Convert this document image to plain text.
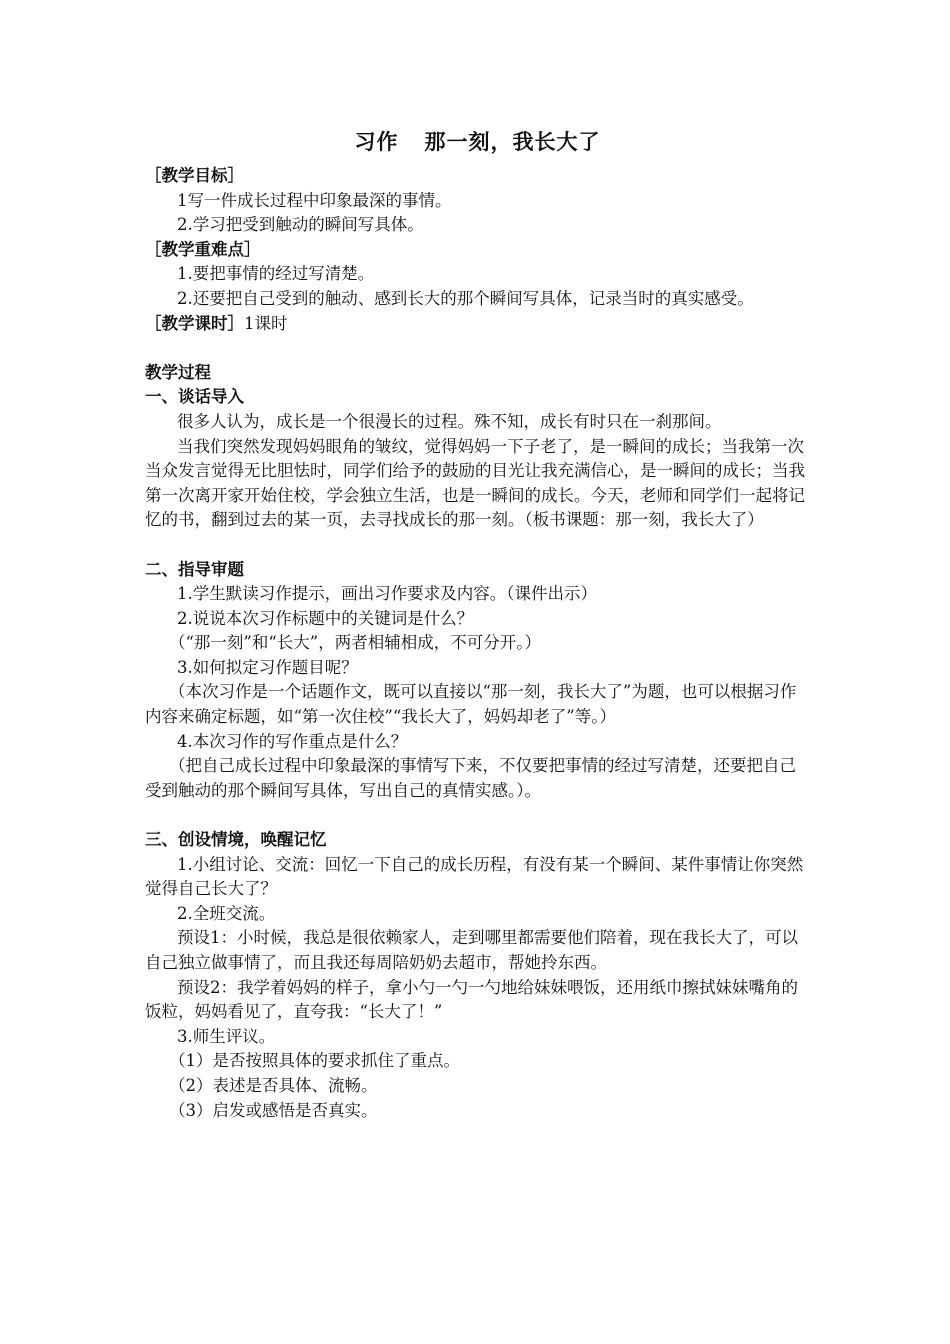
习作 那一刻，我长大了

［教学目标］

1写一件成长过程中印象最深的事情。

2.学习把受到触动的瞬间写具体。

［教学重难点］

1.要把事情的经过写清楚。

2.还要把自己受到的触动、感到长大的那个瞬间写具体，记录当时的真实感受。

［教学课时］1课时

教学过程

一、谈话导入

很多人认为，成长是一个很漫长的过程。殊不知，成长有时只在一刹那间。

当我们突然发现妈妈眼角的皱纹，觉得妈妈一下子老了，是一瞬间的成长；当我第一次当众发言觉得无比胆怯时，同学们给予的鼓励的目光让我充满信心，是一瞬间的成长；当我第一次离开家开始住校，学会独立生活，也是一瞬间的成长。今天，老师和同学们一起将记忆的书，翻到过去的某一页，去寻找成长的那一刻。（板书课题：那一刻，我长大了）

二、指导审题

1.学生默读习作提示，画出习作要求及内容。（课件出示）

2.说说本次习作标题中的关键词是什么？

（“那一刻”和“长大”，两者相辅相成，不可分开。）

3.如何拟定习作题目呢？

（本次习作是一个话题作文，既可以直接以“那一刻，我长大了”为题，也可以根据习作内容来确定标题，如“第一次住校”“我长大了，妈妈却老了”等。）

4.本次习作的写作重点是什么？

（把自己成长过程中印象最深的事情写下来，不仅要把事情的经过写清楚，还要把自己受到触动的那个瞬间写具体，写出自己的真情实感。）。

三、创设情境，唤醒记忆

1.小组讨论、交流：回忆一下自己的成长历程，有没有某一个瞬间、某件事情让你突然觉得自己长大了？

2.全班交流。

预设1：小时候，我总是很依赖家人，走到哪里都需要他们陪着，现在我长大了，可以自己独立做事情了，而且我还每周陪奶奶去超市，帮她拎东西。

预设2：我学着妈妈的样子，拿小勺一勺一勺地给妹妹喂饭，还用纸巾擦拭妹妹嘴角的饭粒，妈妈看见了，直夸我：“长大了！”

3.师生评议。

（1）是否按照具体的要求抓住了重点。

（2）表述是否具体、流畅。

（3）启发或感悟是否真实。
